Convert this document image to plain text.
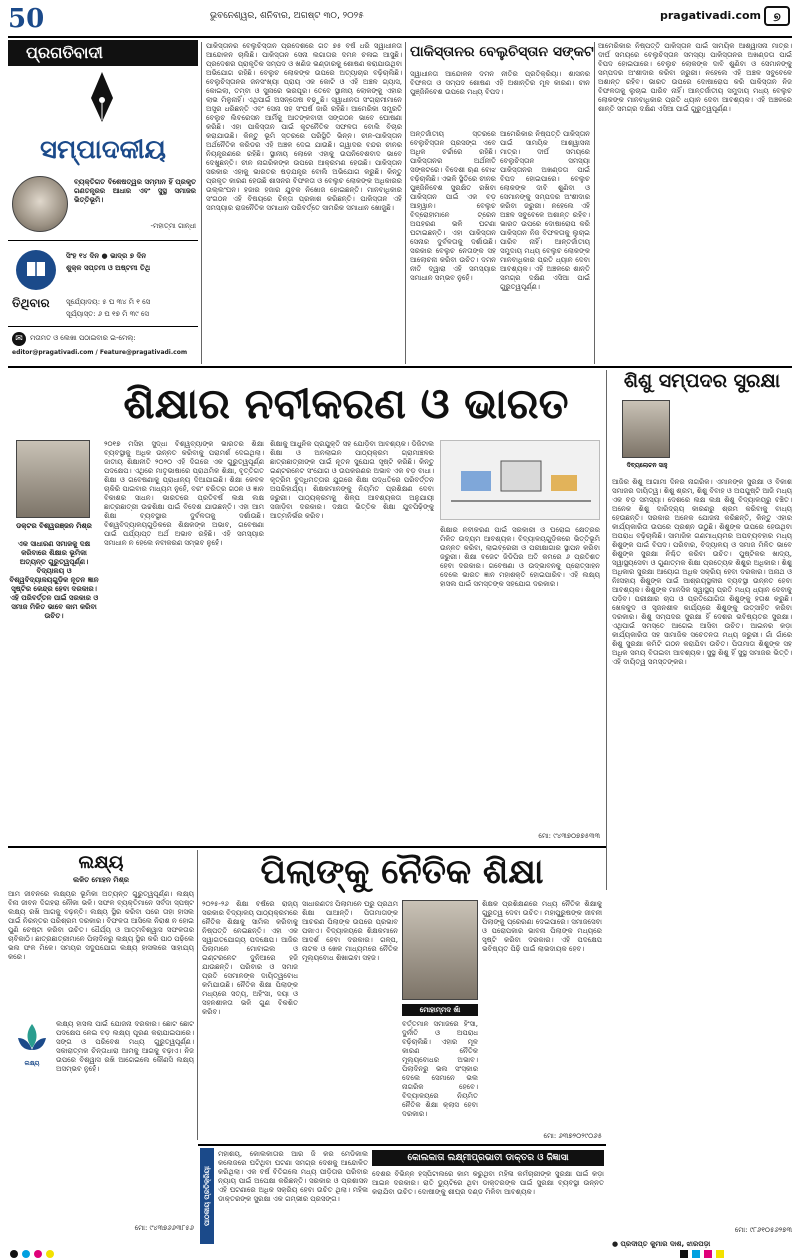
50	ଭୁବନେଶ୍ୱର, ଶନିବାର, ଅଗଷ୍ଟ ୩୦, ୨୦୨୫	pragativadi.com	୭
ପ୍ରଗତିବାଦୀ
ସମ୍ପାଦକୀୟ
ବ୍ୟକ୍ତିଗତ ବିଶେଷତ୍ୱର ସମ୍ମାନ ହିଁ ପ୍ରକୃତ ଗଣତନ୍ତ୍ରର ଆଧାର ଏବଂ ସୁସ୍ଥ ସମାଜର ଭିତ୍ତିଭୂମି।
-ମହାତ୍ମା ଗାନ୍ଧୀ
ସିଂହ ୧୪ ଦିନ ● ଭାଦ୍ର ୭ ଦିନ
ଶୁକ୍ଳ ସପ୍ତମୀ ଓ ଅଷ୍ଟମୀ ତିଥି
ତିଥିବାର	ସୂର୍ଯ୍ୟୋଦୟ: ୫ ଘ ୩୪ ମି ୧ ସେ
ସୂର୍ଯ୍ୟାସ୍ତ: ୬ ଘ ୧୭ ମି ୩୯ ସେ
✉	ମତାମତ ଓ ଲେଖା ପଠାଇବାର ଇ-ମେଲ୍:
editor@pragativadi.com / Feature@pragativadi.com
ପାକିସ୍ତାନର ବେଲୁଚିସ୍ତାନ ପ୍ରଦେଶରେ ଗତ ୭୫ ବର୍ଷ ଧରି ସ୍ୱାଧୀନତା ଆନ୍ଦୋଳନ ଚାଲିଛି। ପାକିସ୍ତାନ ସେନା ଲଗାତାର ଦମନ ଚଳାଇ ଆସୁଛି। ପ୍ରଦେଶର ପ୍ରାକୃତିକ ସମ୍ପଦ ଓ ଖଣିଜ ଭଣ୍ଡାରକୁ ଶୋଷଣ କରାଯାଉଥିବା ଅଭିଯୋଗ ରହିଛି। ବେଲୁଚ ଲୋକଙ୍କ ଉପରେ ଅତ୍ୟାଚାର ବଢ଼ିଚାଲିଛି। ବେଲୁଚିସ୍ତାନର ଜନସଂଖ୍ୟା ପ୍ରାୟ ଏକ କୋଟି ଓ ଏହି ଅଞ୍ଚଳ ଗ୍ୟାସ, କୋଇଲା, ତମ୍ବା ଓ ସୁନାରେ ଭରପୂର। ତେବେ ସ୍ଥାନୀୟ ଲୋକଙ୍କୁ ଏହାର ଲାଭ ମିଳୁନାହିଁ। ଏଥିପାଇଁ ଅସନ୍ତୋଷ ବଢ଼ୁଛି। ସ୍ୱାଧୀନତା ସଂଗ୍ରାମୀମାନେ ଅସ୍ତ୍ର ଧରିଛନ୍ତି ଏବଂ ସେନା ସହ ସଂଘର୍ଷ ଜାରି ରହିଛି। ଆମେରିକା ସମ୍ପ୍ରତି ବେଲୁଚ ଲିବରେସନ ଆର୍ମିକୁ ଆତଙ୍କବାଦୀ ସଙ୍ଗଠନ ଭାବେ ଘୋଷଣା କରିଛି। ଏହା ପାକିସ୍ତାନ ପାଇଁ କୂଟନୈତିକ ସଫଳତା ବୋଲି ବିଚାର କରାଯାଉଛି। କିନ୍ତୁ ଭୂମି ସ୍ତରରେ ପରିସ୍ଥିତି ଭିନ୍ନ। ଚୀନ-ପାକିସ୍ତାନ ଅର୍ଥନୈତିକ କରିଡର ଏହି ଅଞ୍ଚଳ ଦେଇ ଯାଉଛି। ଗ୍ୱାଦର ବନ୍ଦର ଚୀନର ନିୟନ୍ତ୍ରଣରେ ରହିଛି। ସ୍ଥାନୀୟ ଲୋକେ ଏହାକୁ ଉପନିବେଶବାଦ ଭାବେ ଦେଖୁଛନ୍ତି। ଚୀନ ନାଗରିକଙ୍କ ଉପରେ ଆକ୍ରମଣ ହେଉଛି। ପାକିସ୍ତାନ ସରକାର ଏହାକୁ ଭାରତର ଷଡ଼ଯନ୍ତ୍ର ବୋଲି ଅଭିଯୋଗ କରୁଛି। କିନ୍ତୁ ପ୍ରକୃତ କାରଣ ହେଉଛି ଶାସନର ବିଫଳତା ଓ ବେଲୁଚ ଲୋକଙ୍କ ଅଧିକାରର ଉଲ୍ଲଂଘନ। ହଜାର ହଜାର ଯୁବକ ନିଖୋଜ ହୋଇଛନ୍ତି। ମାନବାଧିକାର ସଂଗଠନ ଏହି ବିଷୟରେ ଚିନ୍ତା ପ୍ରକାଶ କରିଛନ୍ତି। ପାକିସ୍ତାନ ଏହି ସମସ୍ୟାର ରାଜନୈତିକ ସମାଧାନ ପରିବର୍ତ୍ତେ ସାମରିକ ସମାଧାନ ଖୋଜୁଛି।
ପାକିସ୍ତାନର ବେଲୁଚିସ୍ତାନ ସଙ୍କଟ
ସ୍ୱାଧୀନତା ଆନ୍ଦୋଳନ ଦମନ ନୀତିର ପ୍ରତିକ୍ରିୟା। ଶାସନର ବିଫଳତା ଓ ସମ୍ପଦ ଶୋଷଣ ଏହି ଅଶାନ୍ତିର ମୂଳ କାରଣ। ଚୀନ ପୁଞ୍ଜିନିବେଶ ଉପରେ ମଧ୍ୟ ବିପଦ।
ଅନ୍ତର୍ଜାତୀୟ ସ୍ତରରେ ବେଲୁଚିସ୍ତାନ ପ୍ରସଙ୍ଗ ଏବେ ଅଧିକ ଚର୍ଚ୍ଚାରେ ରହିଛି। ପାକିସ୍ତାନର ଅର୍ଥନୀତି ସଙ୍କଟରେ। ବିଦେଶୀ ଋଣ ବୋଝ ବଢ଼ିଚାଲିଛି। ଏଭଳି ସ୍ଥିତିରେ ଚୀନର ପୁଞ୍ଜିନିବେଶ ସୁରକ୍ଷିତ ରଖିବା ପାକିସ୍ତାନ ପାଇଁ ଏକ ବଡ଼ ଆହ୍ୱାନ। ବେଲୁଚ ବିଦ୍ରୋହୀମାନେ ଟ୍ରେନ ଅପହରଣ ଭଳି ଘଟଣା ଘଟାଇଛନ୍ତି। ଏହା ପାକିସ୍ତାନ ସେନାର ଦୁର୍ବଳତାକୁ ଦର୍ଶାଉଛି। ସରକାର ବେଲୁଚ ନେତାଙ୍କ ସହ ଆଲୋଚନା କରିବା ଉଚିତ। ଦମନ ନୀତି ଦ୍ୱାରା ଏହି ସମସ୍ୟାର ସମାଧାନ ସମ୍ଭବ ନୁହେଁ।
ଆମେରିକାର ନିଷ୍ପତ୍ତି ପାକିସ୍ତାନ ପାଇଁ ସାମୟିକ ଆଶ୍ୱାସନା ମାତ୍ର। ଦୀର୍ଘ ସମୟରେ ବେଲୁଚିସ୍ତାନ ସମସ୍ୟା ପାକିସ୍ତାନର ଅଖଣ୍ଡତା ପାଇଁ ବିପଦ ହୋଇପାରେ। ବେଲୁଚ ଲୋକଙ୍କ ଦାବି ଶୁଣିବା ଓ ସେମାନଙ୍କୁ ସମ୍ପଦର ଅଂଶୀଦାର କରିବା ଜରୁରୀ। ନହେଲେ ଏହି ଅଞ୍ଚଳ ସବୁବେଳେ ଅଶାନ୍ତ ରହିବ। ଭାରତ ଉପରେ ଦୋଷାରୋପ କରି ପାକିସ୍ତାନ ନିଜ ବିଫଳତାକୁ ଲୁଚାଇ ପାରିବ ନାହିଁ। ଆନ୍ତର୍ଜାତୀୟ ସମୁଦାୟ ମଧ୍ୟ ବେଲୁଚ ଲୋକଙ୍କ ମାନବାଧିକାର ପ୍ରତି ଧ୍ୟାନ ଦେବା ଆବଶ୍ୟକ। ଏହି ଅଞ୍ଚଳରେ ଶାନ୍ତି ସମଗ୍ର ଦକ୍ଷିଣ ଏସିଆ ପାଇଁ ଗୁରୁତ୍ୱପୂର୍ଣ୍ଣ।
ଆମେରିକାର ନିଷ୍ପତ୍ତି ପାକିସ୍ତାନ ପାଇଁ ସାମୟିକ ଆଶ୍ୱାସନା ମାତ୍ର। ଦୀର୍ଘ ସମୟରେ ବେଲୁଚିସ୍ତାନ ସମସ୍ୟା ପାକିସ୍ତାନର ଅଖଣ୍ଡତା ପାଇଁ ବିପଦ ହୋଇପାରେ। ବେଲୁଚ ଲୋକଙ୍କ ଦାବି ଶୁଣିବା ଓ ସେମାନଙ୍କୁ ସମ୍ପଦର ଅଂଶୀଦାର କରିବା ଜରୁରୀ। ନହେଲେ ଏହି ଅଞ୍ଚଳ ସବୁବେଳେ ଅଶାନ୍ତ ରହିବ। ଭାରତ ଉପରେ ଦୋଷାରୋପ କରି ପାକିସ୍ତାନ ନିଜ ବିଫଳତାକୁ ଲୁଚାଇ ପାରିବ ନାହିଁ। ଆନ୍ତର୍ଜାତୀୟ ସମୁଦାୟ ମଧ୍ୟ ବେଲୁଚ ଲୋକଙ୍କ ମାନବାଧିକାର ପ୍ରତି ଧ୍ୟାନ ଦେବା ଆବଶ୍ୟକ। ଏହି ଅଞ୍ଚଳରେ ଶାନ୍ତି ସମଗ୍ର ଦକ୍ଷିଣ ଏସିଆ ପାଇଁ ଗୁରୁତ୍ୱପୂର୍ଣ୍ଣ।
ଶିକ୍ଷାର ନବୀକରଣ ଓ ଭାରତ
ଡକ୍ଟର ବିଶ୍ୱରଞ୍ଜନ ମିଶ୍ର
ଏକ ସାଧାରଣ ସମାଜକୁ ଦକ୍ଷ କରିବାରେ ଶିକ୍ଷାର ଭୂମିକା ଅତ୍ୟନ୍ତ ଗୁରୁତ୍ୱପୂର୍ଣ୍ଣ। ବିଦ୍ୟାଳୟ ଓ ବିଶ୍ୱବିଦ୍ୟାଳୟଗୁଡ଼ିକ ନୂତନ ଜ୍ଞାନ ସୃଷ୍ଟିର କେନ୍ଦ୍ର ହେବା ଦରକାର। ଏହି ପରିବର୍ତ୍ତନ ପାଇଁ ସରକାର ଓ ସମାଜ ମିଳିତ ଭାବେ କାମ କରିବା ଉଚିତ।
୨୦୧୭ ମସିହା ସୁଦ୍ଧା ବିଶ୍ୱବ୍ୟାଙ୍କ ଭାରତର ଶିକ୍ଷା ବ୍ୟବସ୍ଥାକୁ ଅଧିକ ଉନ୍ନତ କରିବାକୁ ପରାମର୍ଶ ଦେଇଥିଲା। ଜାତୀୟ ଶିକ୍ଷାନୀତି ୨୦୨୦ ଏହି ଦିଗରେ ଏକ ଗୁରୁତ୍ୱପୂର୍ଣ୍ଣ ପଦକ୍ଷେପ। ଏଥିରେ ମାତୃଭାଷାରେ ପ୍ରାଥମିକ ଶିକ୍ଷା, ବୃତ୍ତିଗତ ଶିକ୍ଷା ଓ ଗବେଷଣାକୁ ପ୍ରାଧାନ୍ୟ ଦିଆଯାଇଛି। ଶିକ୍ଷା କେବଳ ଚାକିରି ପାଇବାର ମାଧ୍ୟମ ନୁହେଁ, ବରଂ ଚରିତ୍ର ଗଠନ ଓ ଜ୍ଞାନ ବିକାଶର ସାଧନ। ଭାରତରେ ପ୍ରତିବର୍ଷ ଲକ୍ଷ ଲକ୍ଷ ଛାତ୍ରଛାତ୍ରୀ ଉଚ୍ଚଶିକ୍ଷା ପାଇଁ ବିଦେଶ ଯାଉଛନ୍ତି। ଏହା ଆମ ଶିକ୍ଷା ବ୍ୟବସ୍ଥାର ଦୁର୍ବଳତାକୁ ଦର୍ଶାଉଛି। ବିଶ୍ୱବିଦ୍ୟାଳୟଗୁଡ଼ିକରେ ଶିକ୍ଷକଙ୍କ ଅଭାବ, ଗବେଷଣା ପାଇଁ ପର୍ଯ୍ୟାପ୍ତ ଅର୍ଥ ଅଭାବ ରହିଛି। ଏହି ସମସ୍ୟାର ସମାଧାନ ନ ହେଲେ ନବୀକରଣ ସମ୍ଭବ ନୁହେଁ।
ଶିକ୍ଷାକୁ ଆଧୁନିକ ପ୍ରଯୁକ୍ତି ସହ ଯୋଡ଼ିବା ଆବଶ୍ୟକ। ଡିଜିଟାଲ ଶିକ୍ଷା ଓ ଅନଲାଇନ ପାଠ୍ୟକ୍ରମ ଗ୍ରାମାଞ୍ଚଳର ଛାତ୍ରଛାତ୍ରୀଙ୍କ ପାଇଁ ନୂତନ ସୁଯୋଗ ସୃଷ୍ଟି କରିଛି। କିନ୍ତୁ ଇଣ୍ଟରନେଟ ସଂଯୋଗ ଓ ଉପକରଣର ଅଭାବ ଏକ ବଡ଼ ବାଧା। କୃତ୍ରିମ ବୁଦ୍ଧିମତ୍ତାର ଯୁଗରେ ଶିକ୍ଷା ପଦ୍ଧତିରେ ପରିବର୍ତ୍ତନ ଅପରିହାର୍ଯ୍ୟ। ଶିକ୍ଷକମାନଙ୍କୁ ନିୟମିତ ପ୍ରଶିକ୍ଷଣ ଦେବା ଜରୁରୀ। ପାଠ୍ୟକ୍ରମକୁ ଶିଳ୍ପ ଆବଶ୍ୟକତା ଅନୁଯାୟୀ ସଜାଡ଼ିବା ଦରକାର। ଦକ୍ଷତା ଭିତ୍ତିକ ଶିକ୍ଷା ଯୁବପିଢ଼ିଙ୍କୁ ଆତ୍ମନିର୍ଭର କରିବ।
ଶିକ୍ଷାର ନବୀକରଣ ପାଇଁ ସରକାରୀ ଓ ଘରୋଇ କ୍ଷେତ୍ରର ମିଳିତ ଉଦ୍ୟମ ଆବଶ୍ୟକ। ବିଦ୍ୟାଳୟଗୁଡ଼ିକରେ ଭିତ୍ତିଭୂମି ଉନ୍ନତ କରିବା, ଲାଇବ୍ରେରୀ ଓ ପରୀକ୍ଷାଗାର ସ୍ଥାପନ କରିବା ଜରୁରୀ। ଶିକ୍ଷା ବଜେଟ ଜିଡିପିର ଅତି କମରେ ୬ ପ୍ରତିଶତ ହେବା ଦରକାର। ଗବେଷଣା ଓ ଉଦ୍ଭାବନକୁ ପ୍ରୋତ୍ସାହନ ଦେଲେ ଭାରତ ଜ୍ଞାନ ମହାଶକ୍ତି ହୋଇପାରିବ। ଏହି ଲକ୍ଷ୍ୟ ହାସଲ ପାଇଁ ସମସ୍ତଙ୍କ ସହଯୋଗ ଦରକାର।
ମୋ: ୯୪୩୭୦୭୭୫୩୩
ଶିଶୁ ସମ୍ପଦର ସୁରକ୍ଷା
ଦିବ୍ୟଲୋଚନ ସାହୁ
ଆଜିର ଶିଶୁ ଆଗାମୀ ଦିନର ନାଗରିକ। ଏମାନଙ୍କ ସୁରକ୍ଷା ଓ ବିକାଶ ସମାଜର ଦାୟିତ୍ୱ। ଶିଶୁ ଶ୍ରମ, ଶିଶୁ ବିବାହ ଓ ଅପପୁଷ୍ଟି ଆଜି ମଧ୍ୟ ଏକ ବଡ଼ ସମସ୍ୟା। ଦେଶରେ ଲକ୍ଷ ଲକ୍ଷ ଶିଶୁ ବିଦ୍ୟାଳୟରୁ ବଞ୍ଚିତ। ଅନେକ ଶିଶୁ ଦାରିଦ୍ର୍ୟ କାରଣରୁ ଶ୍ରମ କରିବାକୁ ବାଧ୍ୟ ହେଉଛନ୍ତି। ସରକାର ଅନେକ ଯୋଜନା କରିଛନ୍ତି, କିନ୍ତୁ ଏହାର କାର୍ଯ୍ୟକାରିତା ଉପରେ ପ୍ରଶ୍ନ ଉଠୁଛି। ଶିଶୁଙ୍କ ଉପରେ ହେଉଥିବା ଅପରାଧ ବଢ଼ିଚାଲିଛି। ସାମାଜିକ ଗଣମାଧ୍ୟମର ଅପବ୍ୟବହାର ମଧ୍ୟ ଶିଶୁଙ୍କ ପାଇଁ ବିପଦ। ପରିବାର, ବିଦ୍ୟାଳୟ ଓ ସମାଜ ମିଳିତ ଭାବେ ଶିଶୁଙ୍କ ସୁରକ୍ଷା ନିଶ୍ଚିତ କରିବା ଉଚିତ। ପୁଷ୍ଟିକର ଖାଦ୍ୟ, ସ୍ୱାସ୍ଥ୍ୟସେବା ଓ ଗୁଣାତ୍ମକ ଶିକ୍ଷା ପ୍ରତ୍ୟେକ ଶିଶୁର ଅଧିକାର। ଶିଶୁ ଅଧିକାର ସୁରକ୍ଷା ଆୟୋଗ ଅଧିକ ସକ୍ରିୟ ହେବା ଦରକାର। ଅନାଥ ଓ ନିଃସହାୟ ଶିଶୁଙ୍କ ପାଇଁ ଆଶ୍ରୟସ୍ଥଳୀର ବ୍ୟବସ୍ଥା ଉନ୍ନତ ହେବା ଆବଶ୍ୟକ। ଶିଶୁଙ୍କ ମାନସିକ ସ୍ୱାସ୍ଥ୍ୟ ପ୍ରତି ମଧ୍ୟ ଧ୍ୟାନ ଦେବାକୁ ପଡ଼ିବ। ପରୀକ୍ଷାର ଚାପ ଓ ପ୍ରତିଯୋଗିତା ଶିଶୁଙ୍କୁ ହତାଶ କରୁଛି। ଖେଳକୁଦ ଓ ସୃଜନଶୀଳ କାର୍ଯ୍ୟରେ ଶିଶୁଙ୍କୁ ଉତ୍ସାହିତ କରିବା ଦରକାର। ଶିଶୁ ସମ୍ପଦର ସୁରକ୍ଷା ହିଁ ଦେଶର ଭବିଷ୍ୟତର ସୁରକ୍ଷା। ଏଥିପାଇଁ ସମସ୍ତେ ଆଗେଇ ଆସିବା ଉଚିତ। ଆଇନର କଡ଼ା କାର୍ଯ୍ୟକାରିତା ସହ ସାମାଜିକ ସଚେତନତା ମଧ୍ୟ ଜରୁରୀ। ଗାଁ ଗାଁରେ ଶିଶୁ ସୁରକ୍ଷା କମିଟି ଗଠନ କରାଯିବା ଉଚିତ। ପିତାମାତା ଶିଶୁଙ୍କ ସହ ଅଧିକ ସମୟ ବିତାଇବା ଆବଶ୍ୟକ। ସୁସ୍ଥ ଶିଶୁ ହିଁ ସୁସ୍ଥ ସମାଜର ଭିତ୍ତି। ଏହି ଦାୟିତ୍ୱ ସମସ୍ତଙ୍କର।
ମୋ: ୯୮୬୧୦୫୬୨୭୩
ଲକ୍ଷ୍ୟ
ଲଳିତ ମୋହନ ମିଶ୍ର
ଆମ ଜୀବନରେ ଲକ୍ଷ୍ୟର ଭୂମିକା ଅତ୍ୟନ୍ତ ଗୁରୁତ୍ୱପୂର୍ଣ୍ଣ। ଲକ୍ଷ୍ୟ ବିନା ଜୀବନ ଦିଗହରା ନୌକା ଭଳି। ସଫଳ ବ୍ୟକ୍ତିମାନେ ସର୍ବଦା ସ୍ପଷ୍ଟ ଲକ୍ଷ୍ୟ ରଖି ଆଗକୁ ବଢ଼ନ୍ତି। ଲକ୍ଷ୍ୟ ସ୍ଥିର କରିବା ପରେ ତାହା ହାସଲ ପାଇଁ ନିରନ୍ତର ପରିଶ୍ରମ ଦରକାର। ବିଫଳତା ଆସିଲେ ନିରାଶ ନ ହୋଇ ପୁଣି ଚେଷ୍ଟା କରିବା ଉଚିତ। ଧୈର୍ଯ୍ୟ ଓ ଆତ୍ମବିଶ୍ୱାସ ସଫଳତାର ଚାବିକାଠି। ଛାତ୍ରଛାତ୍ରୀମାନେ ପିଲାଦିନରୁ ଲକ୍ଷ୍ୟ ସ୍ଥିର କରି ପାଠ ପଢ଼ିଲେ ଭଲ ଫଳ ମିଳେ। ସମୟର ସଦୁପଯୋଗ ଲକ୍ଷ୍ୟ ହାସଲରେ ସାହାଯ୍ୟ କରେ।
ଲକ୍ଷ୍ୟ
ଲକ୍ଷ୍ୟ ହାସଲ ପାଇଁ ଯୋଜନା ଦରକାର। ଛୋଟ ଛୋଟ ପଦକ୍ଷେପ ନେଇ ବଡ଼ ଲକ୍ଷ୍ୟ ପୂରଣ କରାଯାଇପାରେ। ସଙ୍ଗ ଓ ପରିବେଶ ମଧ୍ୟ ଗୁରୁତ୍ୱପୂର୍ଣ୍ଣ। ସକାରାତ୍ମକ ଚିନ୍ତାଧାରା ଆମକୁ ଆଗକୁ ବଢ଼ାଏ। ନିଜ ଉପରେ ବିଶ୍ୱାସ ରଖି ଆଗେଇଲେ କୌଣସି ଲକ୍ଷ୍ୟ ଅସମ୍ଭବ ନୁହେଁ।
ମୋ: ୯୪୩୭୬୬୩୮୫୬
ପିଲାଙ୍କୁ ନୈତିକ ଶିକ୍ଷା
୨୦୨୫-୨୬ ଶିକ୍ଷା ବର୍ଷରେ ରାଜ୍ୟ ସରକାର ବିଦ୍ୟାଳୟ ପାଠ୍ୟକ୍ରମରେ ନୈତିକ ଶିକ୍ଷାକୁ ସାମିଲ କରିବାକୁ ନିଷ୍ପତ୍ତି ନେଇଛନ୍ତି। ଏହା ଏକ ସ୍ୱାଗତଯୋଗ୍ୟ ପଦକ୍ଷେପ। ଆଜିର ପିଲାମାନେ ମୋବାଇଲ ଓ ଇଣ୍ଟରନେଟ ଦୁନିଆରେ ହଜି ଯାଉଛନ୍ତି। ପରିବାର ଓ ସମାଜ ପ୍ରତି ସେମାନଙ୍କ ଦାୟିତ୍ୱବୋଧ କମିଯାଉଛି। ନୈତିକ ଶିକ୍ଷା ପିଲାଙ୍କ ମଧ୍ୟରେ ସତ୍ୟ, ଅହିଂସା, ଦୟା ଓ ସହନଶୀଳତା ଭଳି ଗୁଣ ବିକଶିତ କରିବ।
ସାଧାରଣତଃ ପିଲାମାନେ ଘରୁ ପ୍ରଥମ ଶିକ୍ଷା ପାଆନ୍ତି। ପିତାମାତାଙ୍କ ଆଚରଣ ପିଲାଙ୍କ ଉପରେ ପ୍ରଭାବ ପକାଏ। ବିଦ୍ୟାଳୟରେ ଶିକ୍ଷକମାନେ ଆଦର୍ଶ ହେବା ଦରକାର। ଗଳ୍ପ, ନାଟକ ଓ ଖେଳ ମାଧ୍ୟମରେ ନୈତିକ ମୂଲ୍ୟବୋଧ ଶିଖାଇବା ସହଜ।
ମୋହାମ୍ମଦ ଖାଁ
ବର୍ତ୍ତମାନ ସମାଜରେ ହିଂସା, ଦୁର୍ନୀତି ଓ ଅପରାଧ ବଢ଼ିଚାଲିଛି। ଏହାର ମୂଳ କାରଣ ନୈତିକ ମୂଲ୍ୟବୋଧର ଅଭାବ। ପିଲାଦିନରୁ ଭଲ ସଂସ୍କାର ଦେଲେ ସେମାନେ ଭଲ ନାଗରିକ ହେବେ। ବିଦ୍ୟାଳୟରେ ନିୟମିତ ନୈତିକ ଶିକ୍ଷା କ୍ଲାସ ହେବା ଦରକାର।
ଶିକ୍ଷକ ପ୍ରଶିକ୍ଷଣରେ ମଧ୍ୟ ନୈତିକ ଶିକ୍ଷାକୁ ଗୁରୁତ୍ୱ ଦେବା ଉଚିତ। ମହାପୁରୁଷଙ୍କ ଜୀବନୀ ପିଲାଙ୍କୁ ପ୍ରେରଣା ଦେଇପାରେ। ସମାଜସେବା ଓ ପରୋପକାର ଭାବନା ପିଲାଙ୍କ ମଧ୍ୟରେ ସୃଷ୍ଟି କରିବା ଦରକାର। ଏହି ପଦକ୍ଷେପ ଭବିଷ୍ୟତ ପିଢ଼ି ପାଇଁ ଲାଭଦାୟକ ହେବ।
ମୋ: ୬୩୭୨୦୨୯୦୬୫
ପାଠକୀୟ ପ୍ରତିକ୍ରିୟା
ମହାଶୟ, କୋଲକାତାର ଆର ଜି କର ମେଡିକାଲ କଲେଜରେ ଘଟିଥିବା ଘଟଣା ସମଗ୍ର ଦେଶକୁ ଆନ୍ଦୋଳିତ କରିଥିଲା। ଏକ ବର୍ଷ ବିତିଗଲେ ମଧ୍ୟ ପୀଡ଼ିତାର ପରିବାର ନ୍ୟାୟ ପାଇଁ ଅପେକ୍ଷା କରିଛନ୍ତି। ସରକାର ଓ ପ୍ରଶାସନ ଏହି ଘଟଣାରେ ଅଧିକ ସକ୍ରିୟ ହେବା ଉଚିତ ଥିଲା। ମହିଳା ଡାକ୍ତରଙ୍କ ସୁରକ୍ଷା ଏକ ଗମ୍ଭୀର ପ୍ରସଙ୍ଗ।
କୋଲକାତା ଲକ୍ଷ୍ମୀପ୍ରଭାତୀ ଡାକ୍ତର ଓ ଜିଜ୍ଞାସା
ଦେଶର ବିଭିନ୍ନ ହସ୍ପିଟାଲରେ କାମ କରୁଥିବା ମହିଳା କର୍ମଚାରୀଙ୍କ ସୁରକ୍ଷା ପାଇଁ କଡ଼ା ଆଇନ ଦରକାର। ରାତି ଡ୍ୟୁଟିରେ ଥିବା ଡାକ୍ତରଙ୍କ ପାଇଁ ସୁରକ୍ଷା ବ୍ୟବସ୍ଥା ଉନ୍ନତ କରାଯିବା ଉଚିତ। ଦୋଷୀଙ୍କୁ ଶୀଘ୍ର ଦଣ୍ଡ ମିଳିବା ଆବଶ୍ୟକ।
● ପ୍ରଦୀପ୍ତ କୁମାର ଦାଶ, ଝାରପଡ଼ା
